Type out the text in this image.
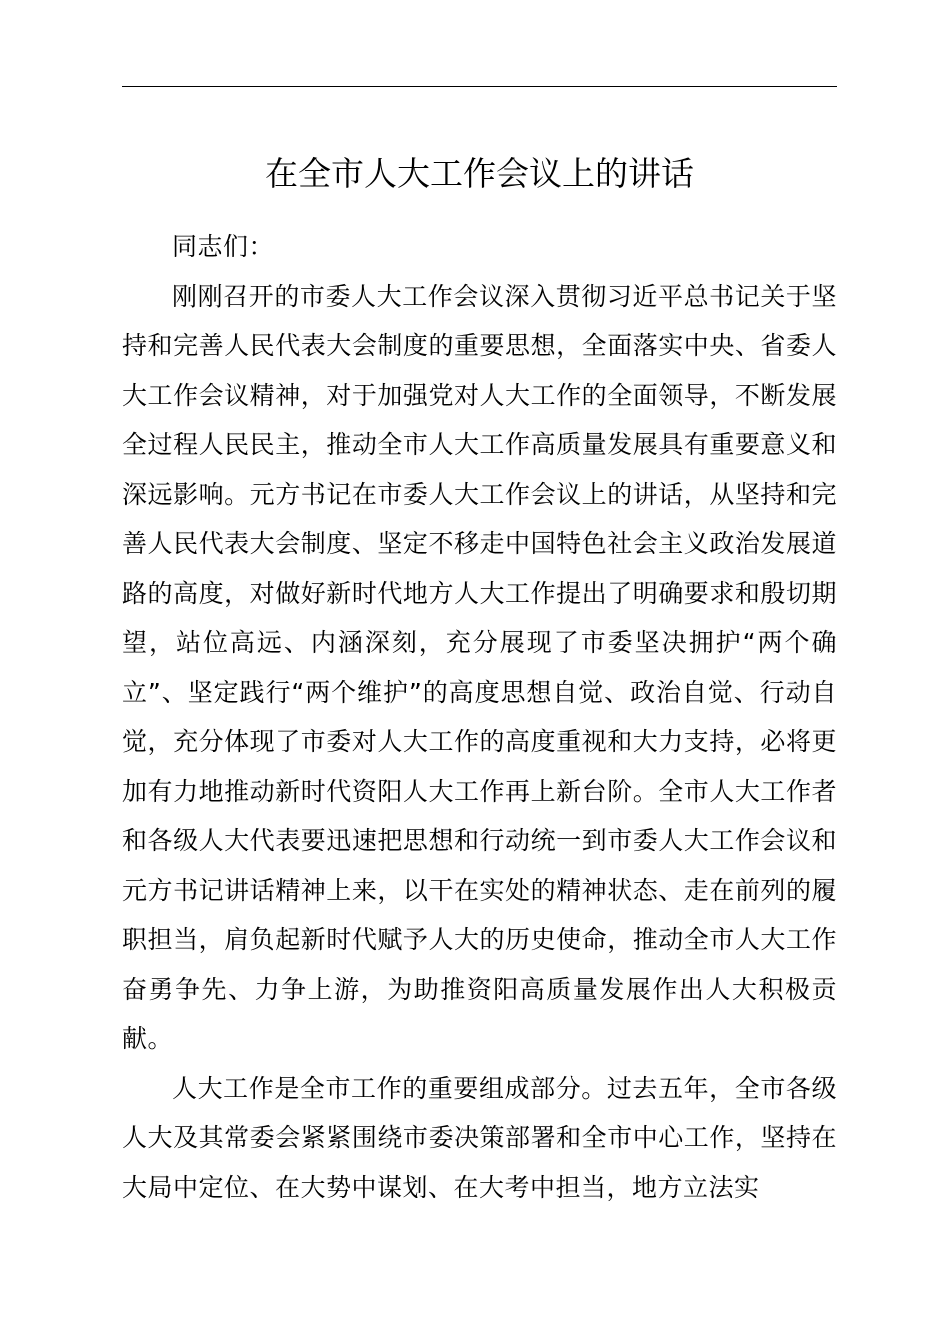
在全市人大工作会议上的讲话

同志们：

刚刚召开的市委人大工作会议深入贯彻习近平总书记关于坚持和完善人民代表大会制度的重要思想，全面落实中央、省委人大工作会议精神，对于加强党对人大工作的全面领导，不断发展全过程人民民主，推动全市人大工作高质量发展具有重要意义和深远影响。元方书记在市委人大工作会议上的讲话，从坚持和完善人民代表大会制度、坚定不移走中国特色社会主义政治发展道路的高度，对做好新时代地方人大工作提出了明确要求和殷切期望，站位高远、内涵深刻，充分展现了市委坚决拥护“两个确立”、坚定践行“两个维护”的高度思想自觉、政治自觉、行动自觉，充分体现了市委对人大工作的高度重视和大力支持，必将更加有力地推动新时代资阳人大工作再上新台阶。全市人大工作者和各级人大代表要迅速把思想和行动统一到市委人大工作会议和元方书记讲话精神上来，以干在实处的精神状态、走在前列的履职担当，肩负起新时代赋予人大的历史使命，推动全市人大工作奋勇争先、力争上游，为助推资阳高质量发展作出人大积极贡献。

人大工作是全市工作的重要组成部分。过去五年，全市各级人大及其常委会紧紧围绕市委决策部署和全市中心工作，坚持在大局中定位、在大势中谋划、在大考中担当，地方立法实
